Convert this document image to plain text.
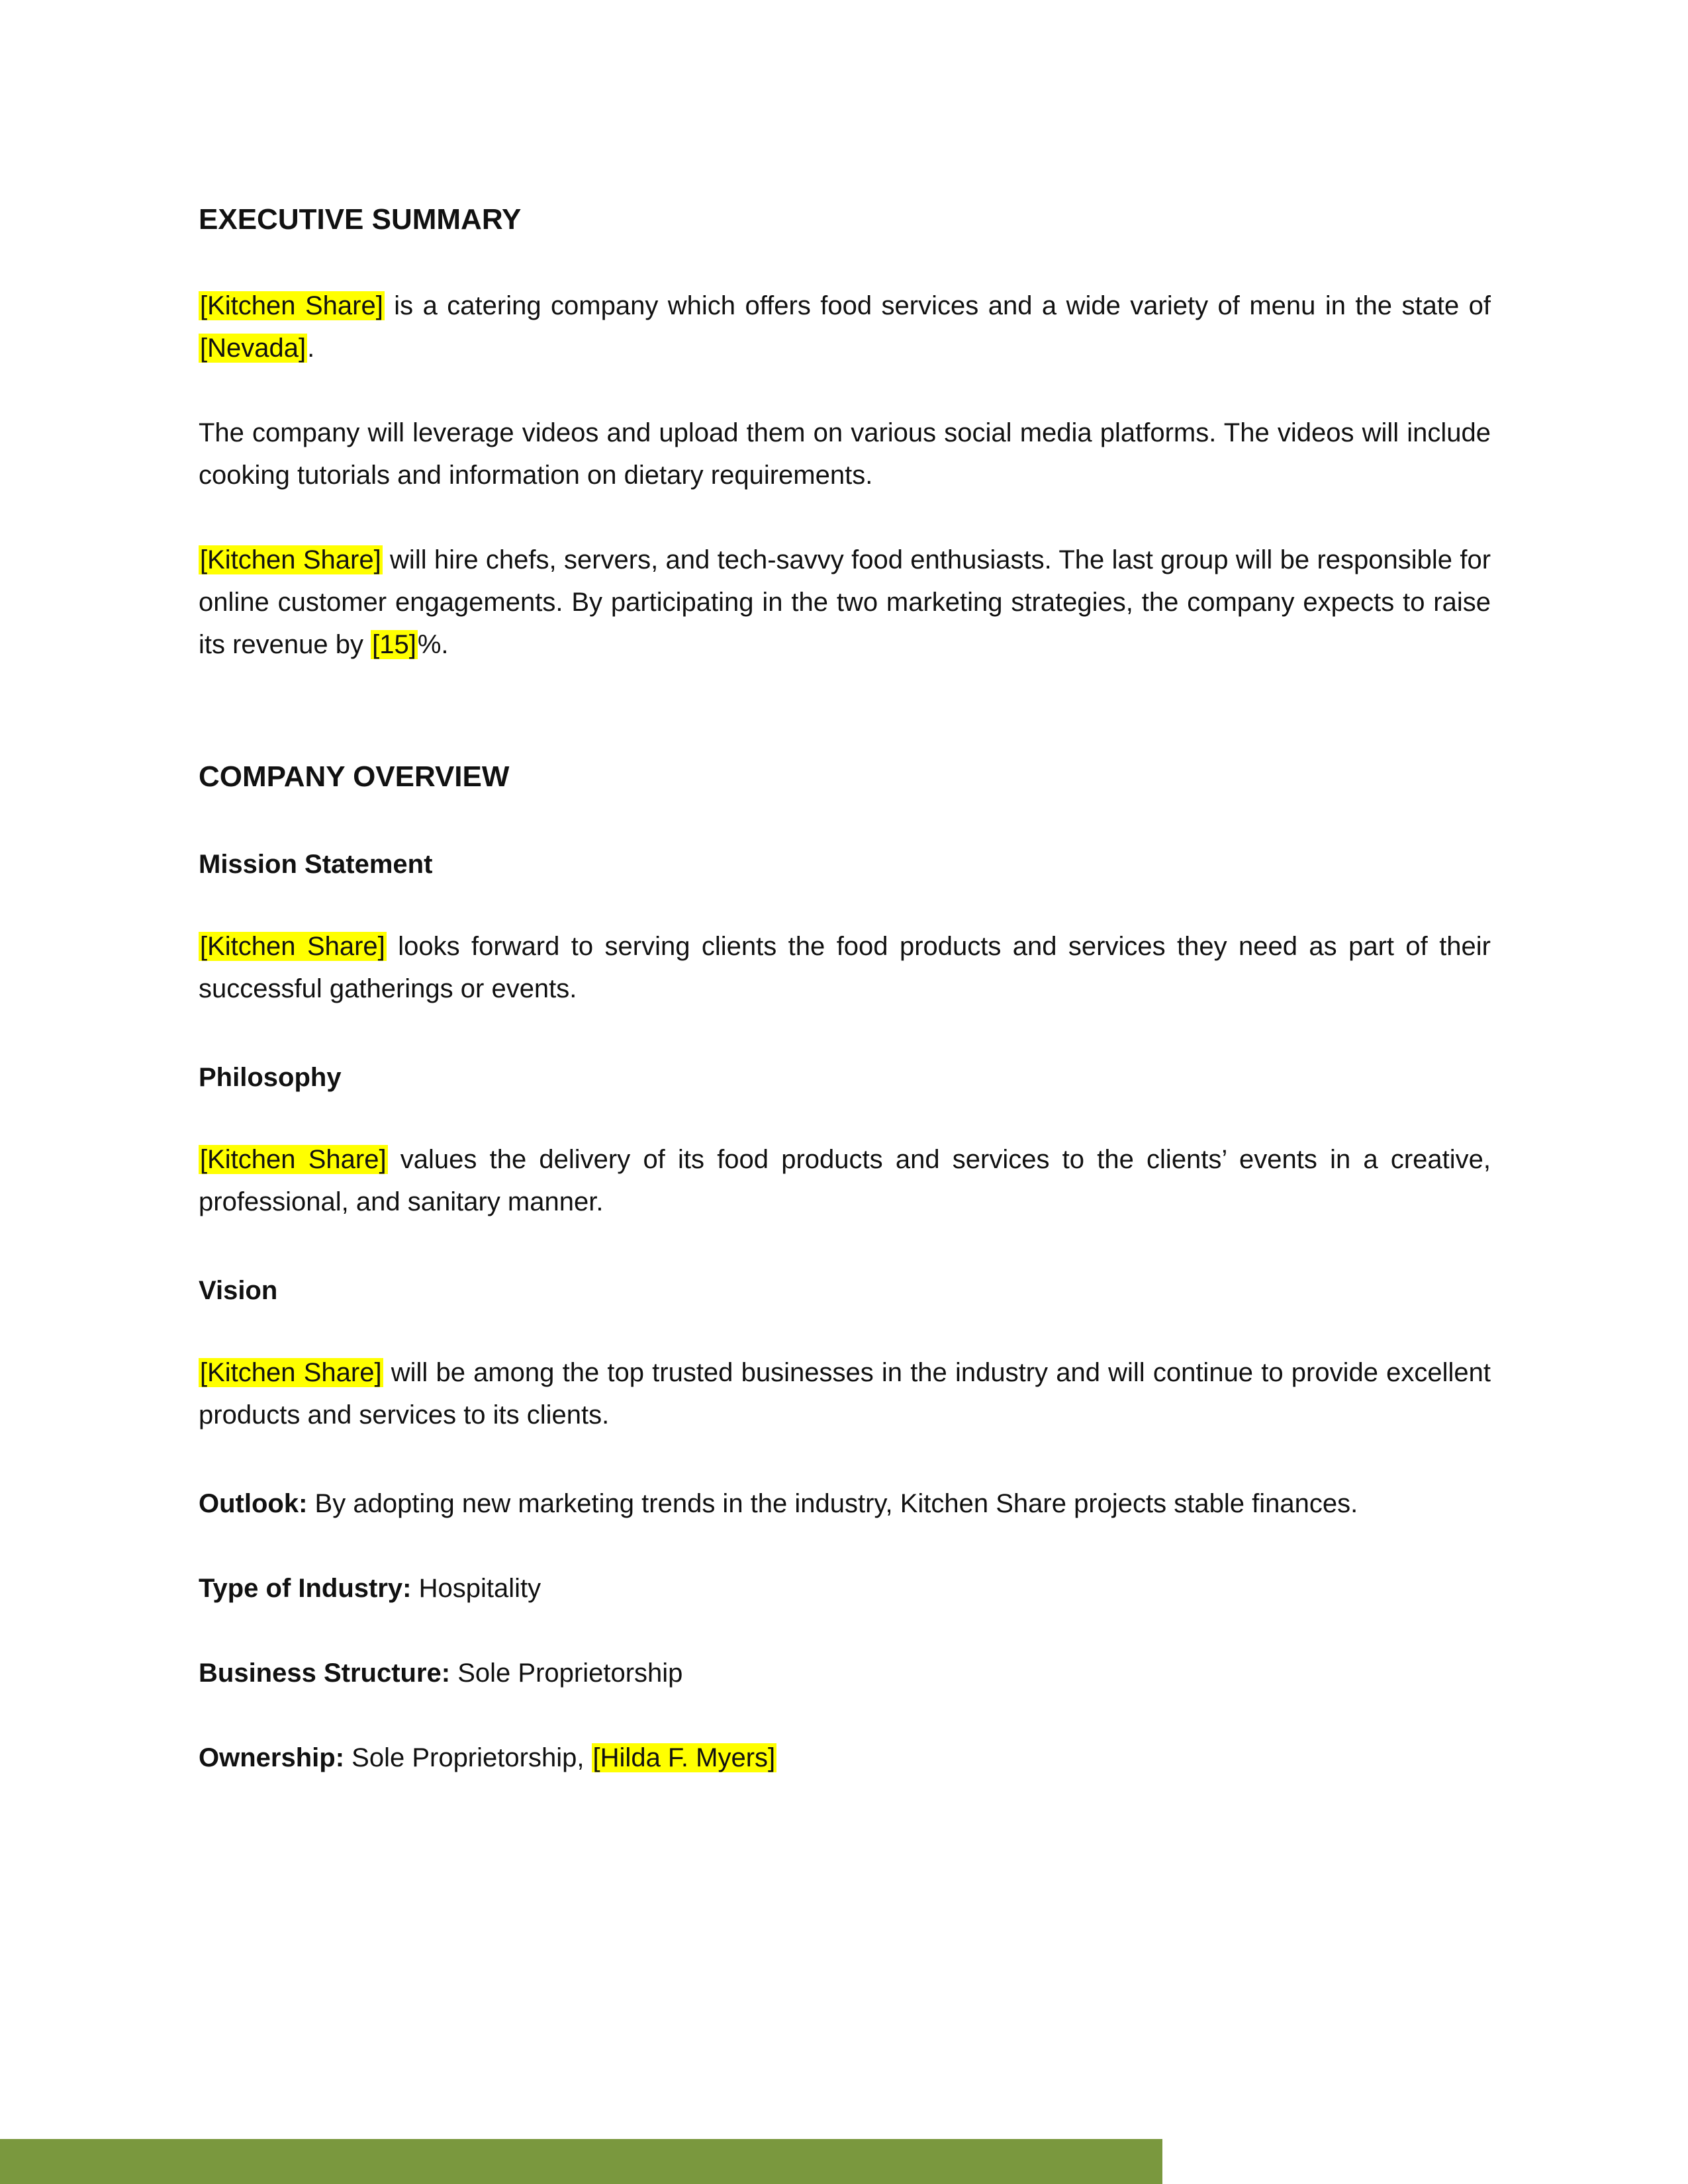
EXECUTIVE SUMMARY

[Kitchen Share] is a catering company which offers food services and a wide variety of menu in the state of [Nevada].

The company will leverage videos and upload them on various social media platforms. The videos will include cooking tutorials and information on dietary requirements.

[Kitchen Share] will hire chefs, servers, and tech-savvy food enthusiasts. The last group will be responsible for online customer engagements. By participating in the two marketing strategies, the company expects to raise its revenue by [15]%.

COMPANY OVERVIEW
Mission Statement

[Kitchen Share] looks forward to serving clients the food products and services they need as part of their successful gatherings or events.

Philosophy

[Kitchen Share] values the delivery of its food products and services to the clients’ events in a creative, professional, and sanitary manner.

Vision

[Kitchen Share] will be among the top trusted businesses in the industry and will continue to provide excellent products and services to its clients.

Outlook: By adopting new marketing trends in the industry, Kitchen Share projects stable finances.

Type of Industry: Hospitality

Business Structure: Sole Proprietorship

Ownership: Sole Proprietorship, [Hilda F. Myers]
